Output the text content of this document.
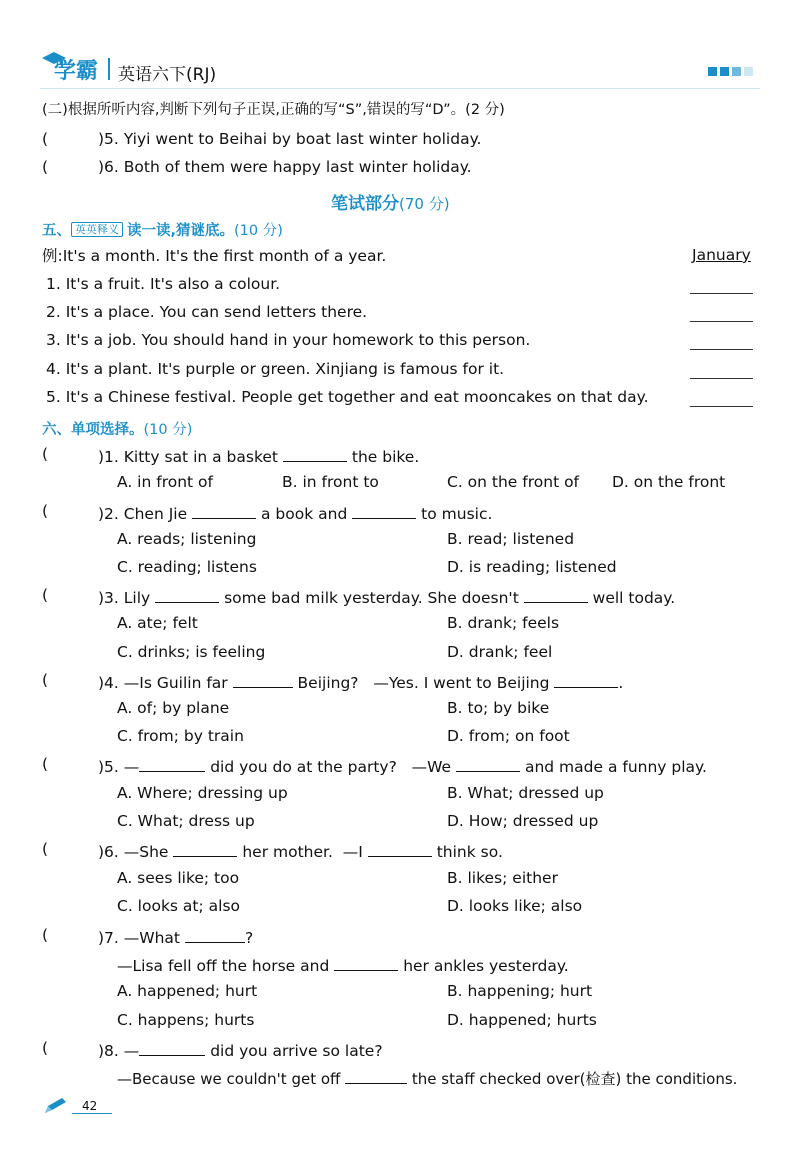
学霸 英语六下(RJ)
(二)根据所听内容,判断下列句子正误,正确的写“S”,错误的写“D”。(2 分)
(	)5. Yiyi went to Beihai by boat last winter holiday.
(	)6. Both of them were happy last winter holiday.
笔试部分(70 分)
五、 英英释义 读一读,猜谜底。(10 分)
例:It's a month. It's the first month of a year.	January
1. It's a fruit. It's also a colour.
2. It's a place. You can send letters there.
3. It's a job. You should hand in your homework to this person.
4. It's a plant. It's purple or green. Xinjiang is famous for it.
5. It's a Chinese festival. People get together and eat mooncakes on that day.
六、单项选择。(10 分)
(	)1. Kitty sat in a basket	the bike.
A. in front of	B. in front to	C. on the front of D. on the front
(	)2. Chen Jie	a book and	to music.
A. reads; listening	B. read; listened
C. reading; listens	D. is reading; listened
(	)3. Lily	some bad milk yesterday. She doesn't	well today.
A. ate; felt	B. drank; feels
C. drinks; is feeling	D. drank; feel
(	)4. —Is Guilin far	Beijing? —Yes. I went to Beijing	.
A. of; by plane	B. to; by bike
C. from; by train	D. from; on foot
(	)5. —	did you do at the party? —We	and made a funny play.
A. Where; dressing up	B. What; dressed up
C. What; dress up	D. How; dressed up
(	)6. —She	her mother. —I	think so.
A. sees like; too	B. likes; either
C. looks at; also	D. looks like; also
(	)7. —What	?
—Lisa fell off the horse and	her ankles yesterday.
A. happened; hurt	B. happening; hurt
C. happens; hurts	D. happened; hurts
(	)8. —	did you arrive so late?
—Because we couldn't get off	the staff checked over(检查) the conditions.
42
